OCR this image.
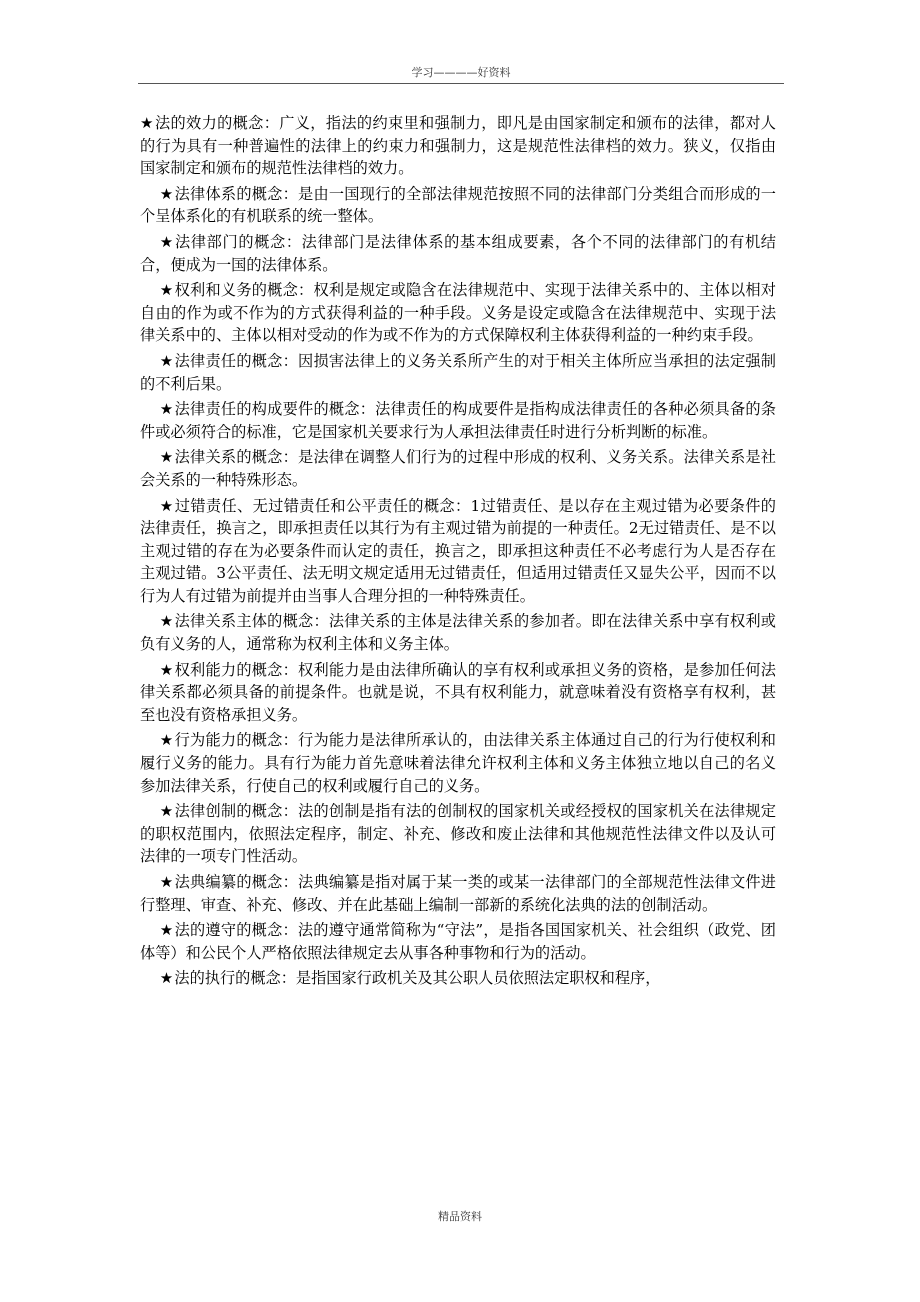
学习————好资料

★法的效力的概念：广义，指法的约束里和强制力，即凡是由国家制定和颁布的法律，都对人的行为具有一种普遍性的法律上的约束力和强制力，这是规范性法律档的效力。狭义，仅指由国家制定和颁布的规范性法律档的效力。

★法律体系的概念：是由一国现行的全部法律规范按照不同的法律部门分类组合而形成的一个呈体系化的有机联系的统一整体。

★法律部门的概念：法律部门是法律体系的基本组成要素，各个不同的法律部门的有机结合，便成为一国的法律体系。

★权利和义务的概念：权利是规定或隐含在法律规范中、实现于法律关系中的、主体以相对自由的作为或不作为的方式获得利益的一种手段。义务是设定或隐含在法律规范中、实现于法律关系中的、主体以相对受动的作为或不作为的方式保障权利主体获得利益的一种约束手段。

★法律责任的概念：因损害法律上的义务关系所产生的对于相关主体所应当承担的法定强制的不利后果。

★法律责任的构成要件的概念：法律责任的构成要件是指构成法律责任的各种必须具备的条件或必须符合的标准，它是国家机关要求行为人承担法律责任时进行分析判断的标准。

★法律关系的概念：是法律在调整人们行为的过程中形成的权利、义务关系。法律关系是社会关系的一种特殊形态。

★过错责任、无过错责任和公平责任的概念：1过错责任、是以存在主观过错为必要条件的法律责任，换言之，即承担责任以其行为有主观过错为前提的一种责任。2无过错责任、是不以主观过错的存在为必要条件而认定的责任，换言之，即承担这种责任不必考虑行为人是否存在主观过错。3公平责任、法无明文规定适用无过错责任，但适用过错责任又显失公平，因而不以行为人有过错为前提并由当事人合理分担的一种特殊责任。

★法律关系主体的概念：法律关系的主体是法律关系的参加者。即在法律关系中享有权利或负有义务的人，通常称为权利主体和义务主体。

★权利能力的概念：权利能力是由法律所确认的享有权利或承担义务的资格，是参加任何法律关系都必须具备的前提条件。也就是说，不具有权利能力，就意味着没有资格享有权利，甚至也没有资格承担义务。

★行为能力的概念：行为能力是法律所承认的，由法律关系主体通过自己的行为行使权利和履行义务的能力。具有行为能力首先意味着法律允许权利主体和义务主体独立地以自己的名义参加法律关系，行使自己的权利或履行自己的义务。

★法律创制的概念：法的创制是指有法的创制权的国家机关或经授权的国家机关在法律规定的职权范围内，依照法定程序，制定、补充、修改和废止法律和其他规范性法律文件以及认可法律的一项专门性活动。

★法典编纂的概念：法典编纂是指对属于某一类的或某一法律部门的全部规范性法律文件进行整理、审查、补充、修改、并在此基础上编制一部新的系统化法典的法的创制活动。

★法的遵守的概念：法的遵守通常简称为“守法”，是指各国国家机关、社会组织（政党、团体等）和公民个人严格依照法律规定去从事各种事物和行为的活动。

★法的执行的概念：是指国家行政机关及其公职人员依照法定职权和程序，

精品资料
